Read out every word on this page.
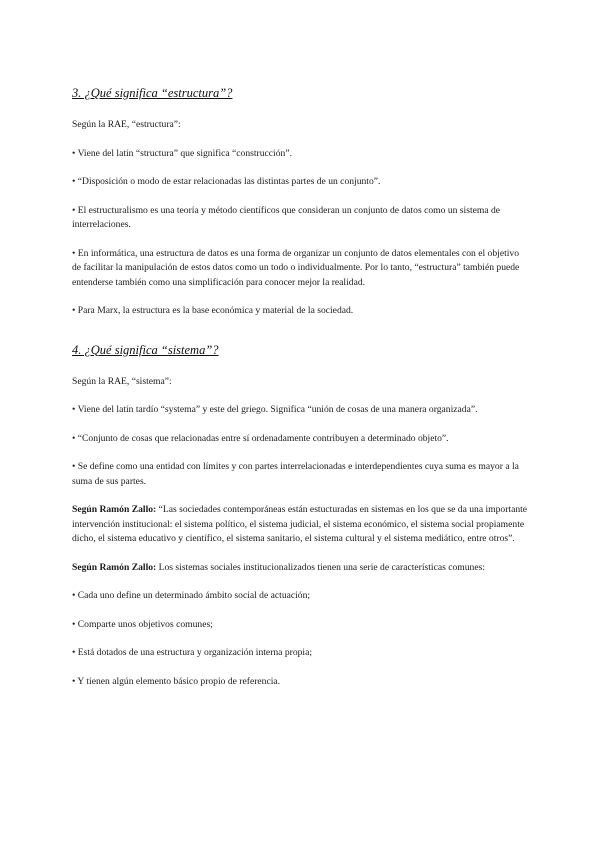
3. ¿Qué significa “estructura”?

Según la RAE, “estructura”:

• Viene del latín “structura” que significa “construcción”.

• “Disposición o modo de estar relacionadas las distintas partes de un conjunto”.

• El estructuralismo es una teoría y método científicos que consideran un conjunto de datos como un sistema de interrelaciones.

• En informática, una estructura de datos es una forma de organizar un conjunto de datos elementales con el objetivo de facilitar la manipulación de estos datos como un todo o individualmente. Por lo tanto, “estructura” también puede entenderse también como una simplificación para conocer mejor la realidad.

• Para Marx, la estructura es la base económica y material de la sociedad.

4. ¿Qué significa “sistema”?

Según la RAE, “sistema”:

• Viene del latín tardío “systema” y este del griego. Significa “unión de cosas de una manera organizada”.

• “Conjunto de cosas que relacionadas entre sí ordenadamente contribuyen a determinado objeto”.

• Se define como una entidad con límites y con partes interrelacionadas e interdependientes cuya suma es mayor a la suma de sus partes.

Según Ramón Zallo: “Las sociedades contemporáneas están estucturadas en sistemas en los que se da una importante intervención institucional: el sistema político, el sistema judicial, el sistema económico, el sistema social propiamente dicho, el sistema educativo y científico, el sistema sanitario, el sistema cultural y el sistema mediático, entre otros”.

Según Ramón Zallo: Los sistemas sociales institucionalizados tienen una serie de características comunes:

• Cada uno define un determinado ámbito social de actuación;

• Comparte unos objetivos comunes;

• Está dotados de una estructura y organización interna propia;

• Y tienen algún elemento básico propio de referencia.
